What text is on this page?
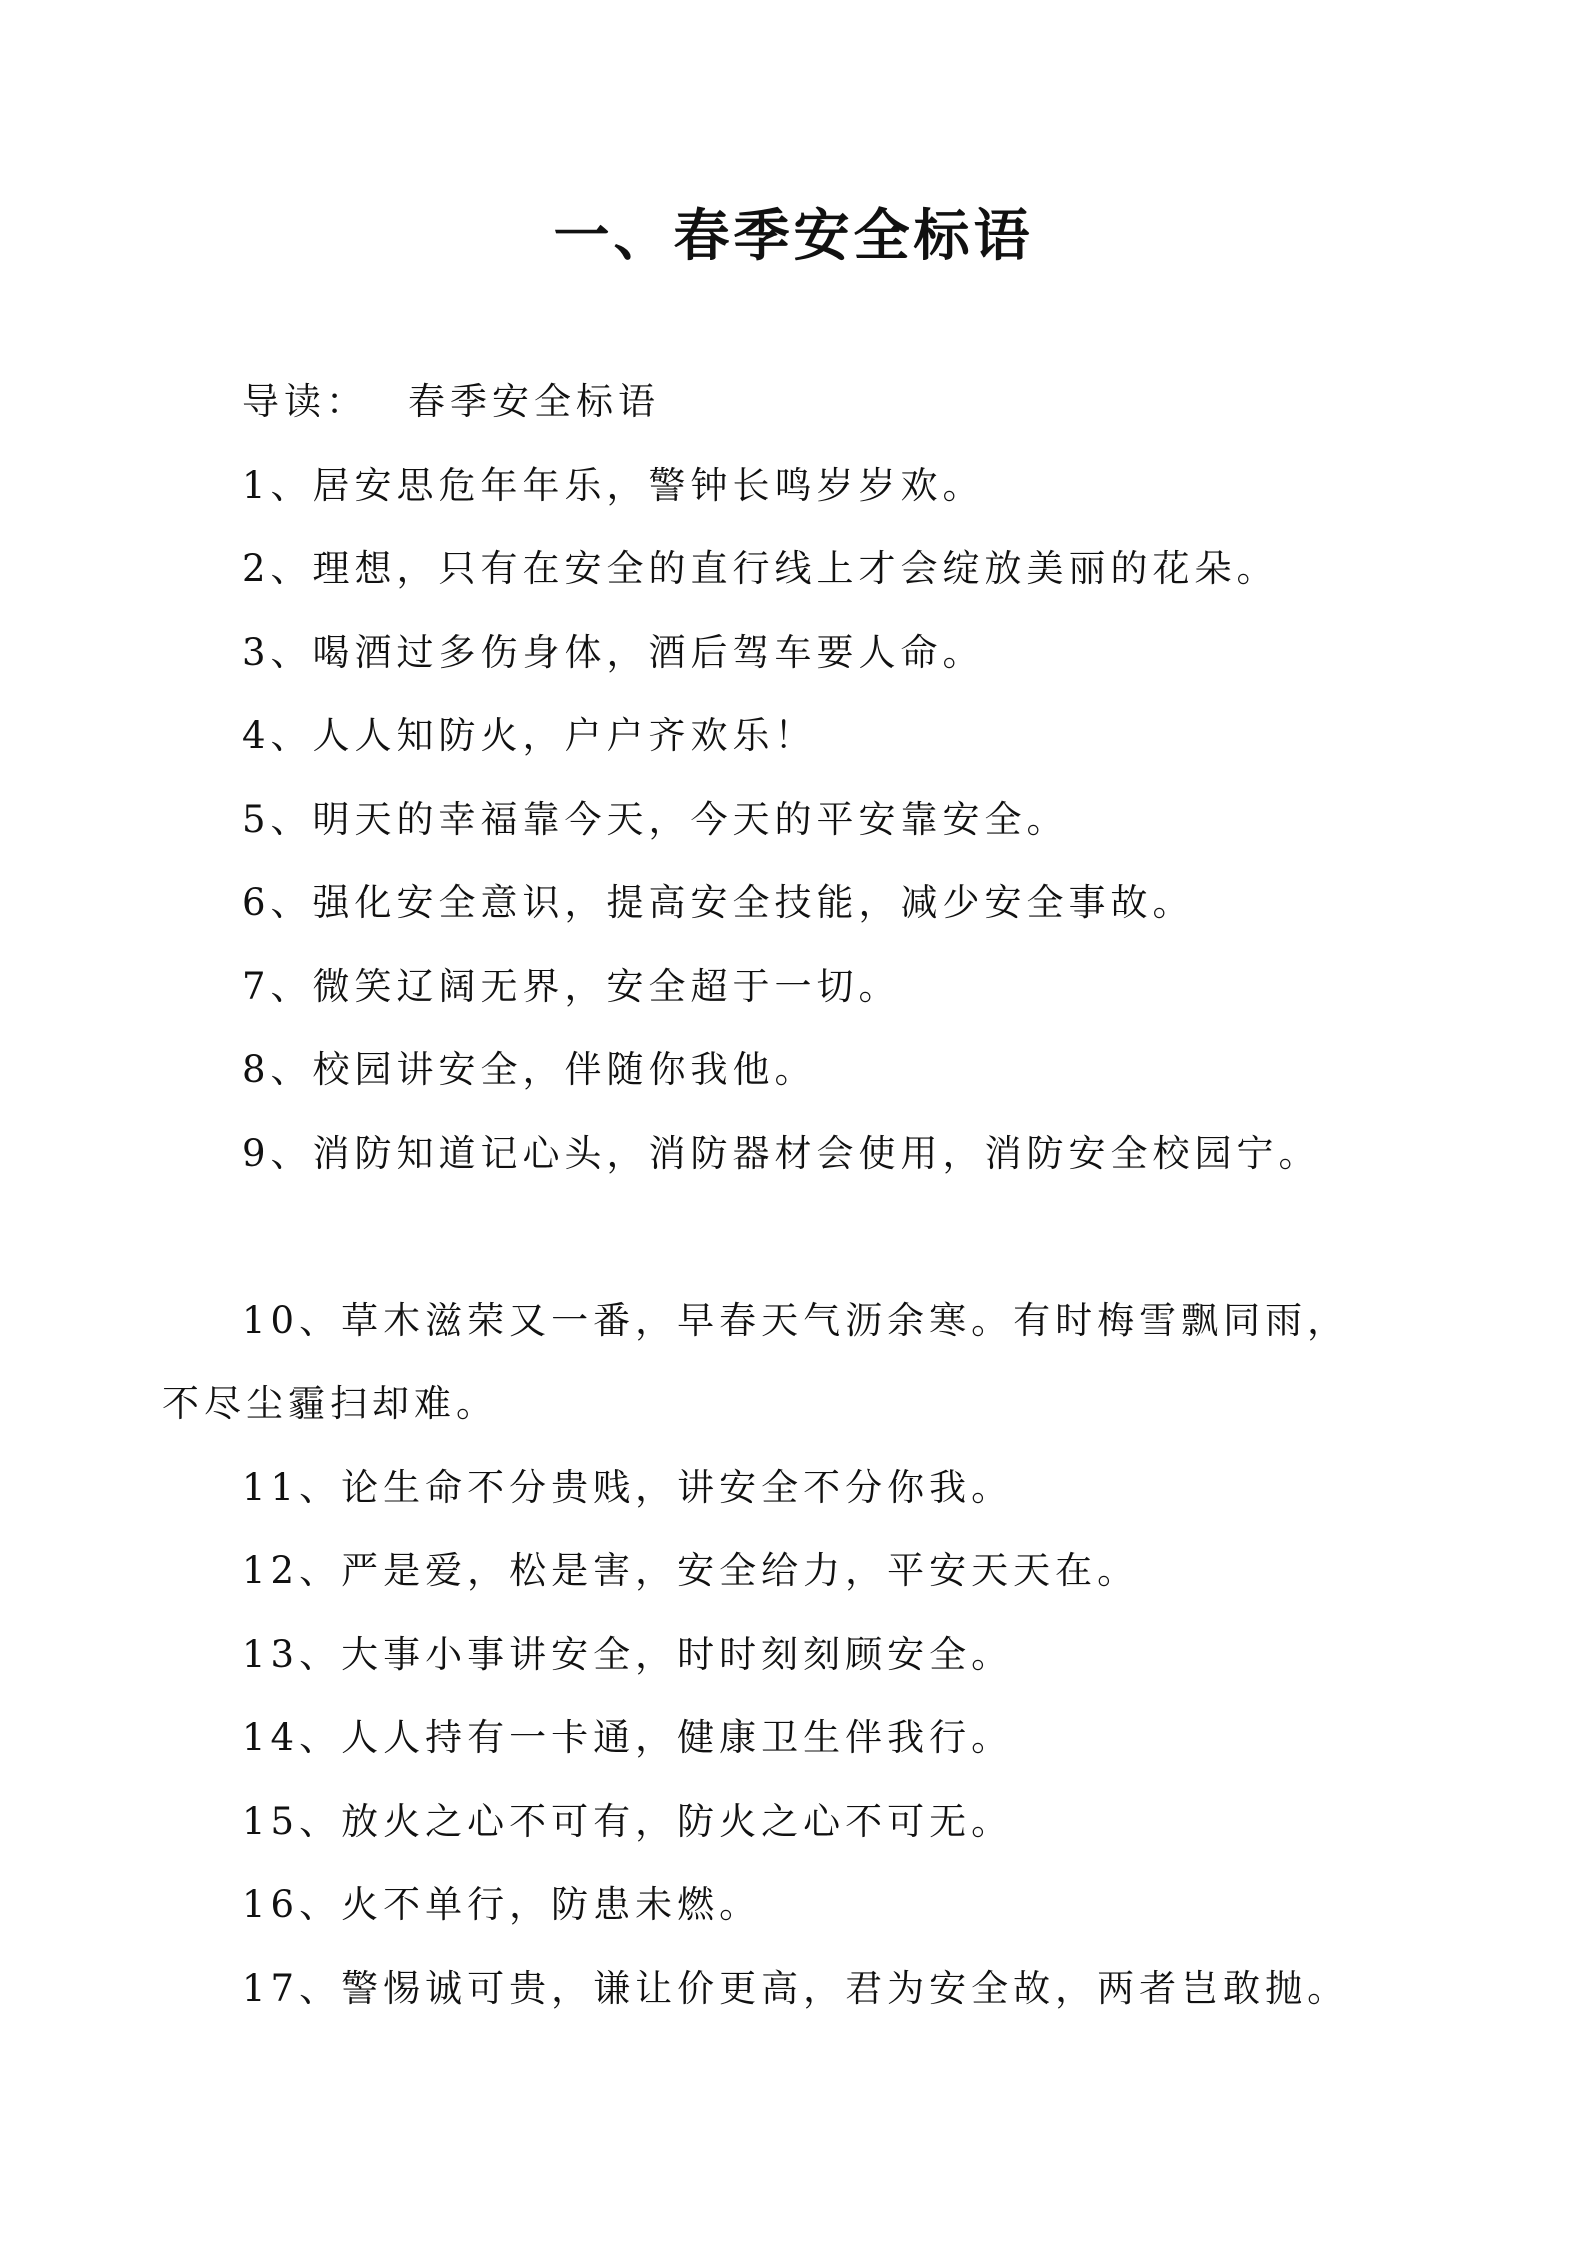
一、春季安全标语

导读： 春季安全标语

1、居安思危年年乐，警钟长鸣岁岁欢。

2、理想，只有在安全的直行线上才会绽放美丽的花朵。

3、喝酒过多伤身体，酒后驾车要人命。

4、人人知防火，户户齐欢乐！

5、明天的幸福靠今天，今天的平安靠安全。

6、强化安全意识，提高安全技能，减少安全事故。

7、微笑辽阔无界，安全超于一切。

8、校园讲安全，伴随你我他。

9、消防知道记心头，消防器材会使用，消防安全校园宁。

10、草木滋荣又一番，早春天气沥余寒。有时梅雪飘同雨，不尽尘霾扫却难。

11、论生命不分贵贱，讲安全不分你我。

12、严是爱，松是害，安全给力，平安天天在。

13、大事小事讲安全，时时刻刻顾安全。

14、人人持有一卡通，健康卫生伴我行。

15、放火之心不可有，防火之心不可无。

16、火不单行，防患未燃。

17、警惕诚可贵，谦让价更高，君为安全故，两者岂敢抛。
